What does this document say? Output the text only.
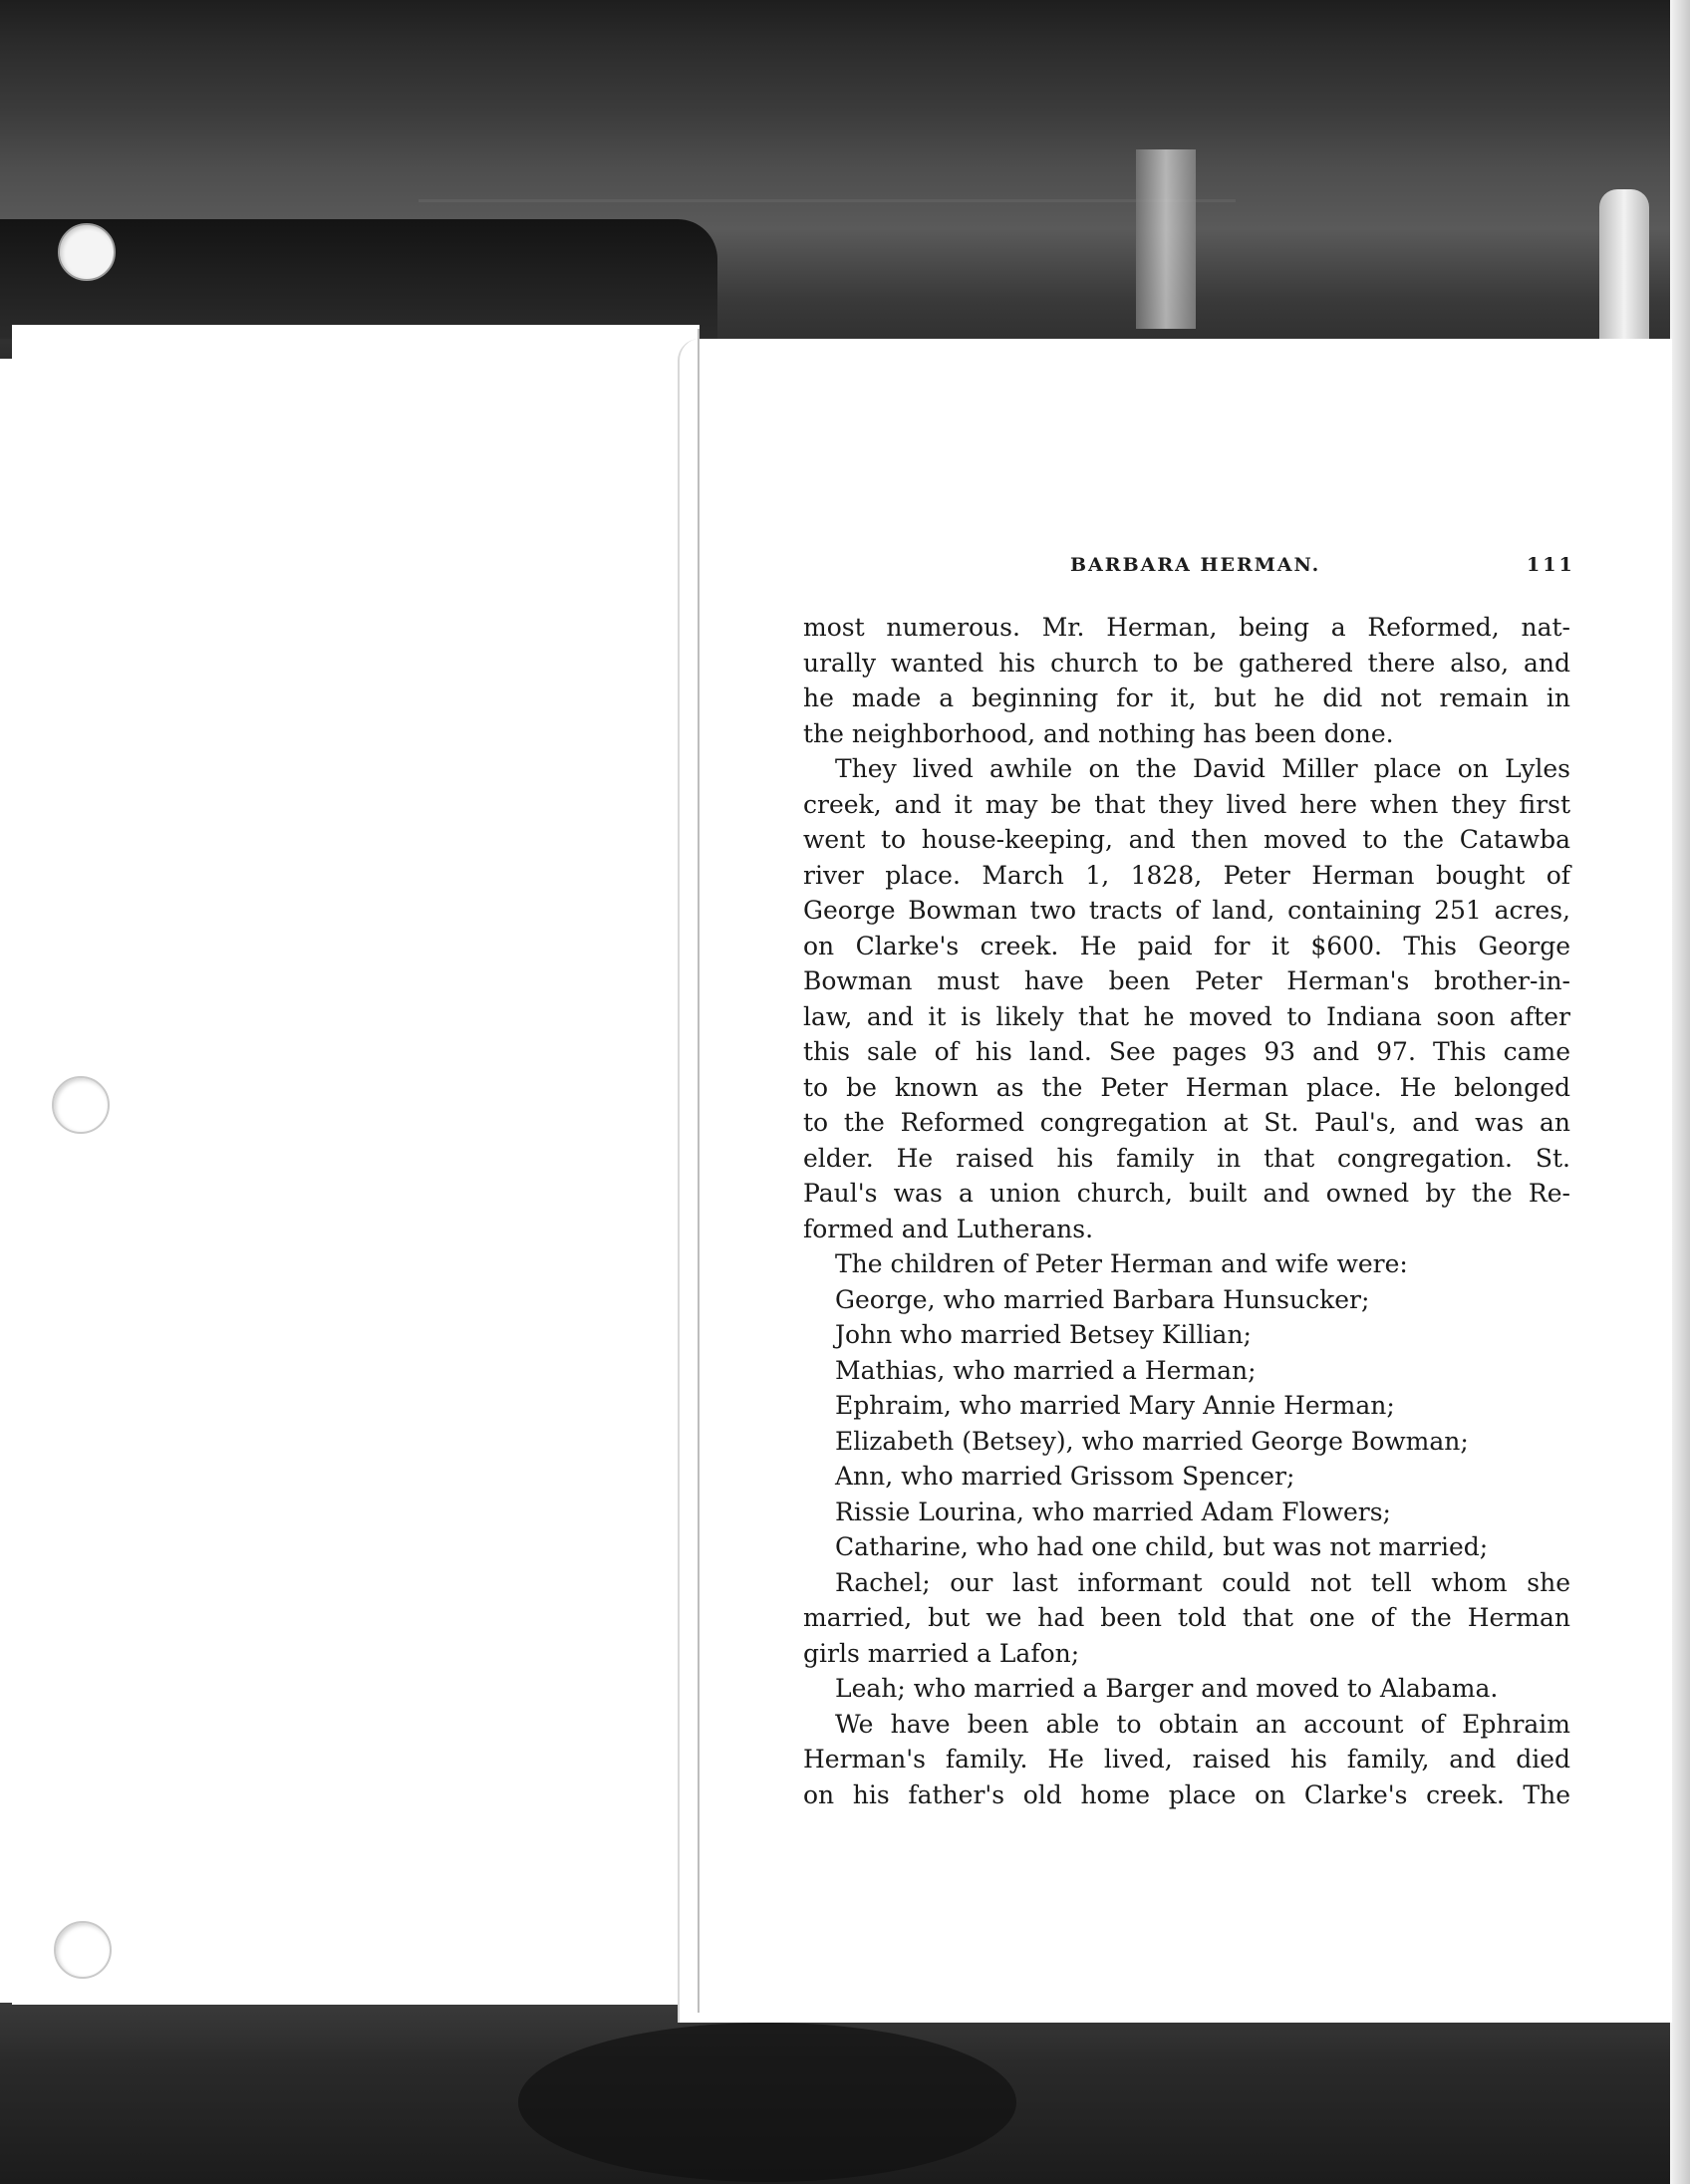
BARBARA HERMAN.	111
most numerous. Mr. Herman, being a Reformed, nat-
urally wanted his church to be gathered there also, and
he made a beginning for it, but he did not remain in
the neighborhood, and nothing has been done.
They lived awhile on the David Miller place on Lyles
creek, and it may be that they lived here when they first
went to house-keeping, and then moved to the Catawba
river place. March 1, 1828, Peter Herman bought of
George Bowman two tracts of land, containing 251 acres,
on Clarke's creek. He paid for it $600. This George
Bowman must have been Peter Herman's brother-in-
law, and it is likely that he moved to Indiana soon after
this sale of his land. See pages 93 and 97. This came
to be known as the Peter Herman place. He belonged
to the Reformed congregation at St. Paul's, and was an
elder. He raised his family in that congregation. St.
Paul's was a union church, built and owned by the Re-
formed and Lutherans.
The children of Peter Herman and wife were:
George, who married Barbara Hunsucker;
John who married Betsey Killian;
Mathias, who married a Herman;
Ephraim, who married Mary Annie Herman;
Elizabeth (Betsey), who married George Bowman;
Ann, who married Grissom Spencer;
Rissie Lourina, who married Adam Flowers;
Catharine, who had one child, but was not married;
Rachel; our last informant could not tell whom she
married, but we had been told that one of the Herman
girls married a Lafon;
Leah; who married a Barger and moved to Alabama.
We have been able to obtain an account of Ephraim
Herman's family. He lived, raised his family, and died
on his father's old home place on Clarke's creek. The
